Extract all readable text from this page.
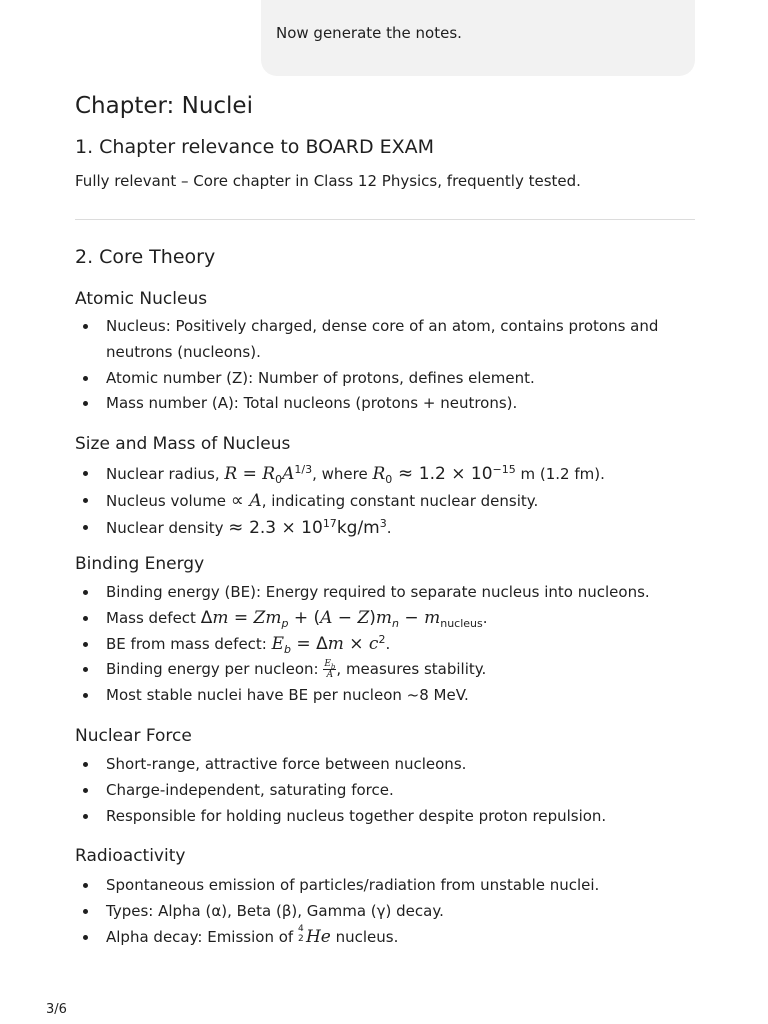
Now generate the notes.
Chapter: Nuclei
1. Chapter relevance to BOARD EXAM

Fully relevant – Core chapter in Class 12 Physics, frequently tested.

2. Core Theory
Atomic Nucleus
Nucleus: Positively charged, dense core of an atom, contains protons and neutrons (nucleons).
Atomic number (Z): Number of protons, defines element.
Mass number (A): Total nucleons (protons + neutrons).
Size and Mass of Nucleus
Nuclear radius, $R = R_0A^{1/3}$, where $R_0 \approx 1.2 \times 10^{-15}$ m (1.2 fm).
Nucleus volume ∝ A, indicating constant nuclear density.
Nuclear density ≈ $2.3 \times 10^{17}kg/m^3$.
Binding Energy
Binding energy (BE): Energy required to separate nucleus into nucleons.
Mass defect $\Delta m = Zm_p + (A - Z)m_n - m_{nucleus}$.
BE from mass defect: $E_b = \Delta m \times c^2$.
Binding energy per nucleon: $\frac{E_b}{A}$ , measures stability.
Most stable nuclei have BE per nucleon ~8 MeV.
Nuclear Force
Short-range, attractive force between nucleons.
Charge-independent, saturating force.
Responsible for holding nucleus together despite proton repulsion.
Radioactivity
Spontaneous emission of particles/radiation from unstable nuclei.
Types: Alpha (α), Beta (β), Gamma (γ) decay.
Alpha decay: Emission of 4
2 He nucleus.
3/6
